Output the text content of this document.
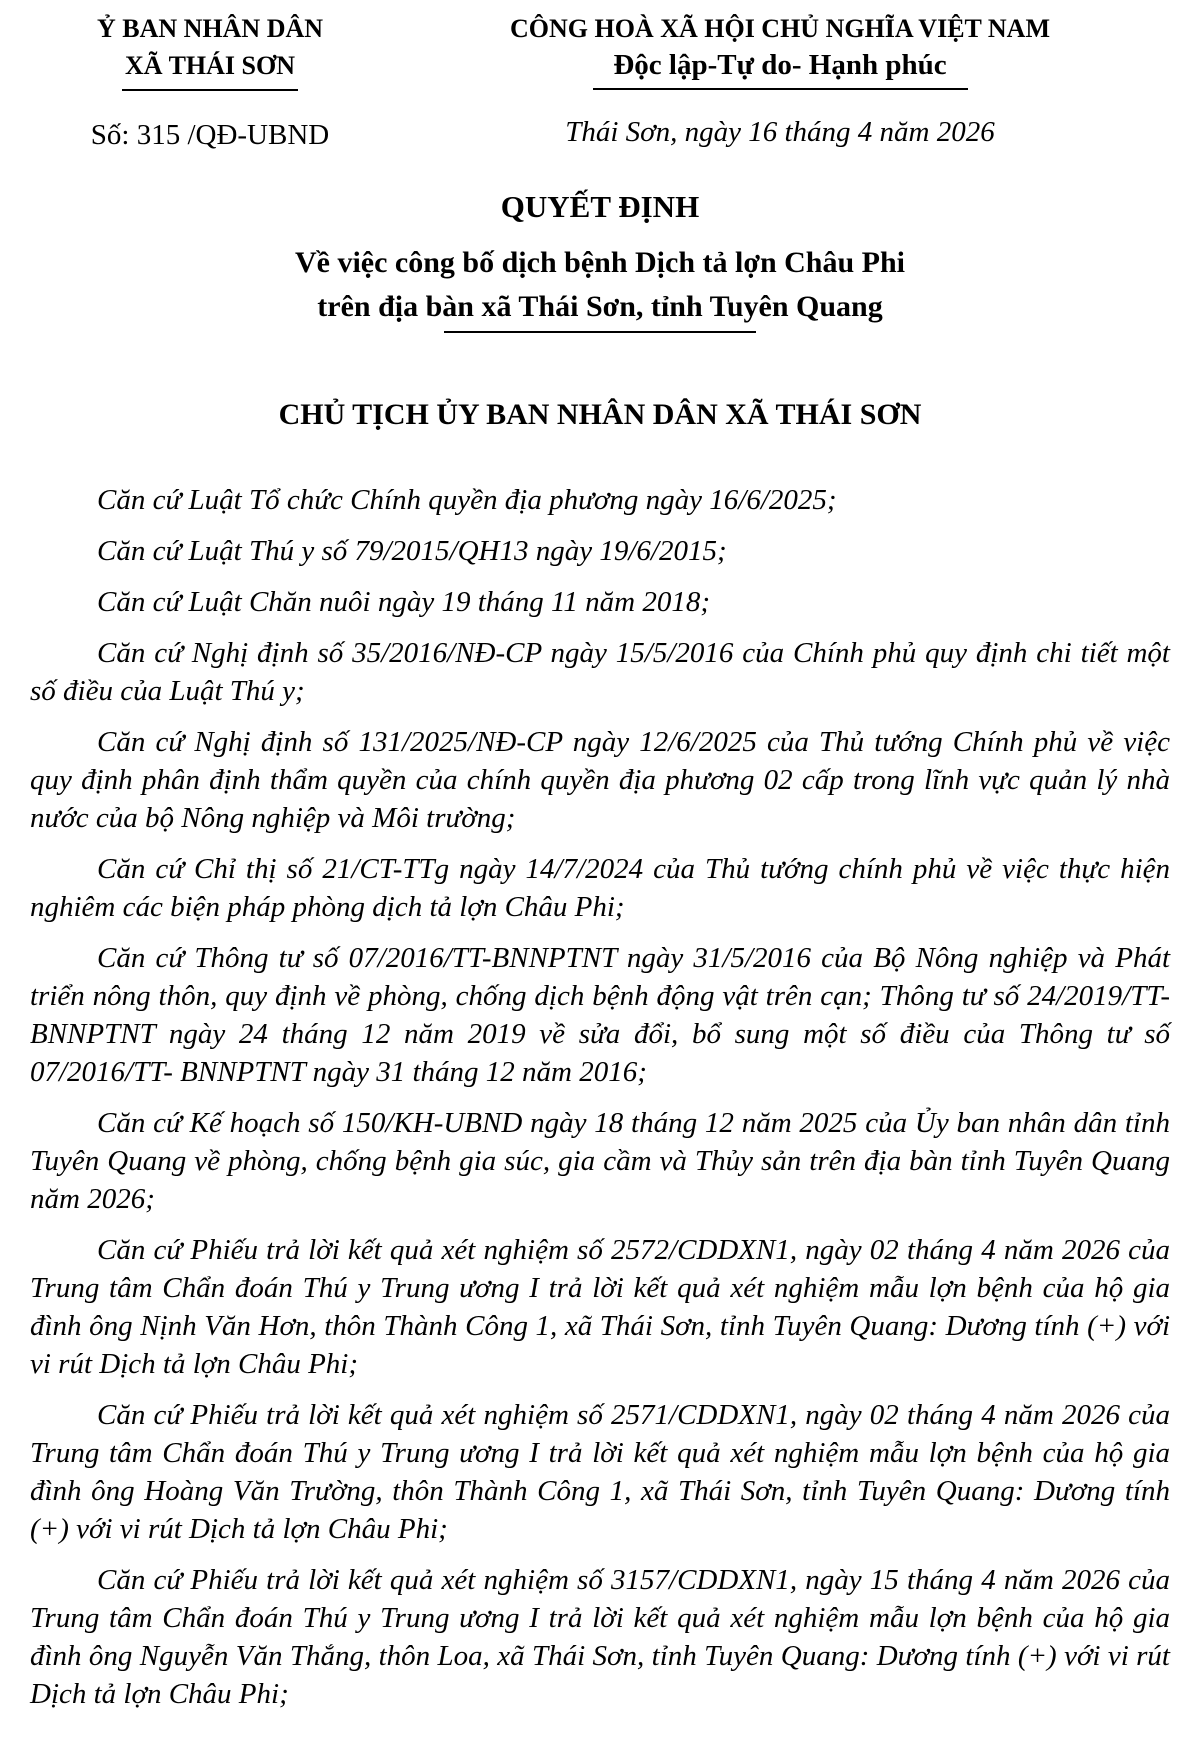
Ỷ BAN NHÂN DÂN
XÃ THÁI SƠN
Số: 315 /QĐ-UBND
CÔNG HOÀ XÃ HỘI CHỦ NGHĨA VIỆT NAM
Độc lập-Tự do- Hạnh phúc
Thái Sơn, ngày 16 tháng 4 năm 2026
QUYẾT ĐỊNH
Về việc công bố dịch bệnh Dịch tả lợn Châu Phi
trên địa bàn xã Thái Sơn, tỉnh Tuyên Quang
CHỦ TỊCH ỦY BAN NHÂN DÂN XÃ THÁI SƠN

Căn cứ Luật Tổ chức Chính quyền địa phương ngày 16/6/2025;

Căn cứ Luật Thú y số 79/2015/QH13 ngày 19/6/2015;

Căn cứ Luật Chăn nuôi ngày 19 tháng 11 năm 2018;

Căn cứ Nghị định số 35/2016/NĐ-CP ngày 15/5/2016 của Chính phủ quy định chi tiết một số điều của Luật Thú y;

Căn cứ Nghị định số 131/2025/NĐ-CP ngày 12/6/2025 của Thủ tướng Chính phủ về việc quy định phân định thẩm quyền của chính quyền địa phương 02 cấp trong lĩnh vực quản lý nhà nước của bộ Nông nghiệp và Môi trường;

Căn cứ Chỉ thị số 21/CT-TTg ngày 14/7/2024 của Thủ tướng chính phủ về việc thực hiện nghiêm các biện pháp phòng dịch tả lợn Châu Phi;

Căn cứ Thông tư số 07/2016/TT-BNNPTNT ngày 31/5/2016 của Bộ Nông nghiệp và Phát triển nông thôn, quy định về phòng, chống dịch bệnh động vật trên cạn; Thông tư số 24/2019/TT-BNNPTNT ngày 24 tháng 12 năm 2019 về sửa đổi, bổ sung một số điều của Thông tư số 07/2016/TT- BNNPTNT ngày 31 tháng 12 năm 2016;

Căn cứ Kế hoạch số 150/KH-UBND ngày 18 tháng 12 năm 2025 của Ủy ban nhân dân tỉnh Tuyên Quang về phòng, chống bệnh gia súc, gia cầm và Thủy sản trên địa bàn tỉnh Tuyên Quang năm 2026;

Căn cứ Phiếu trả lời kết quả xét nghiệm số 2572/CDDXN1, ngày 02 tháng 4 năm 2026 của Trung tâm Chẩn đoán Thú y Trung ương I trả lời kết quả xét nghiệm mẫu lợn bệnh của hộ gia đình ông Nịnh Văn Hơn, thôn Thành Công 1, xã Thái Sơn, tỉnh Tuyên Quang: Dương tính (+) với vi rút Dịch tả lợn Châu Phi;

Căn cứ Phiếu trả lời kết quả xét nghiệm số 2571/CDDXN1, ngày 02 tháng 4 năm 2026 của Trung tâm Chẩn đoán Thú y Trung ương I trả lời kết quả xét nghiệm mẫu lợn bệnh của hộ gia đình ông Hoàng Văn Trường, thôn Thành Công 1, xã Thái Sơn, tỉnh Tuyên Quang: Dương tính (+) với vi rút Dịch tả lợn Châu Phi;

Căn cứ Phiếu trả lời kết quả xét nghiệm số 3157/CDDXN1, ngày 15 tháng 4 năm 2026 của Trung tâm Chẩn đoán Thú y Trung ương I trả lời kết quả xét nghiệm mẫu lợn bệnh của hộ gia đình ông Nguyễn Văn Thắng, thôn Loa, xã Thái Sơn, tỉnh Tuyên Quang: Dương tính (+) với vi rút Dịch tả lợn Châu Phi;
